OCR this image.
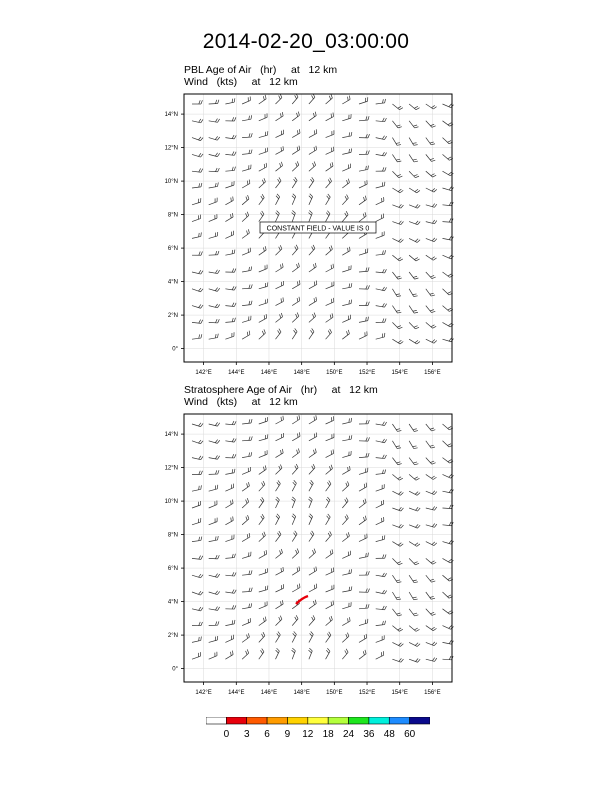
2014-02-20_03:00:00
PBL Age of Air   (hr)     at   12 km
Wind   (kts)     at   12 km
142°E	144°E	146°E	148°E	150°E	152°E	154°E	156°E
0°
2°N
4°N
6°N
8°N
10°N
12°N
14°N
CONSTANT FIELD - VALUE IS 0
Stratosphere Age of Air   (hr)     at   12 km
Wind   (kts)     at   12 km
142°E	144°E	146°E	148°E	150°E	152°E	154°E	156°E
0°
2°N
4°N
6°N
8°N
10°N
12°N
14°N
0	3	6	9	12 18 24 36 48 60
